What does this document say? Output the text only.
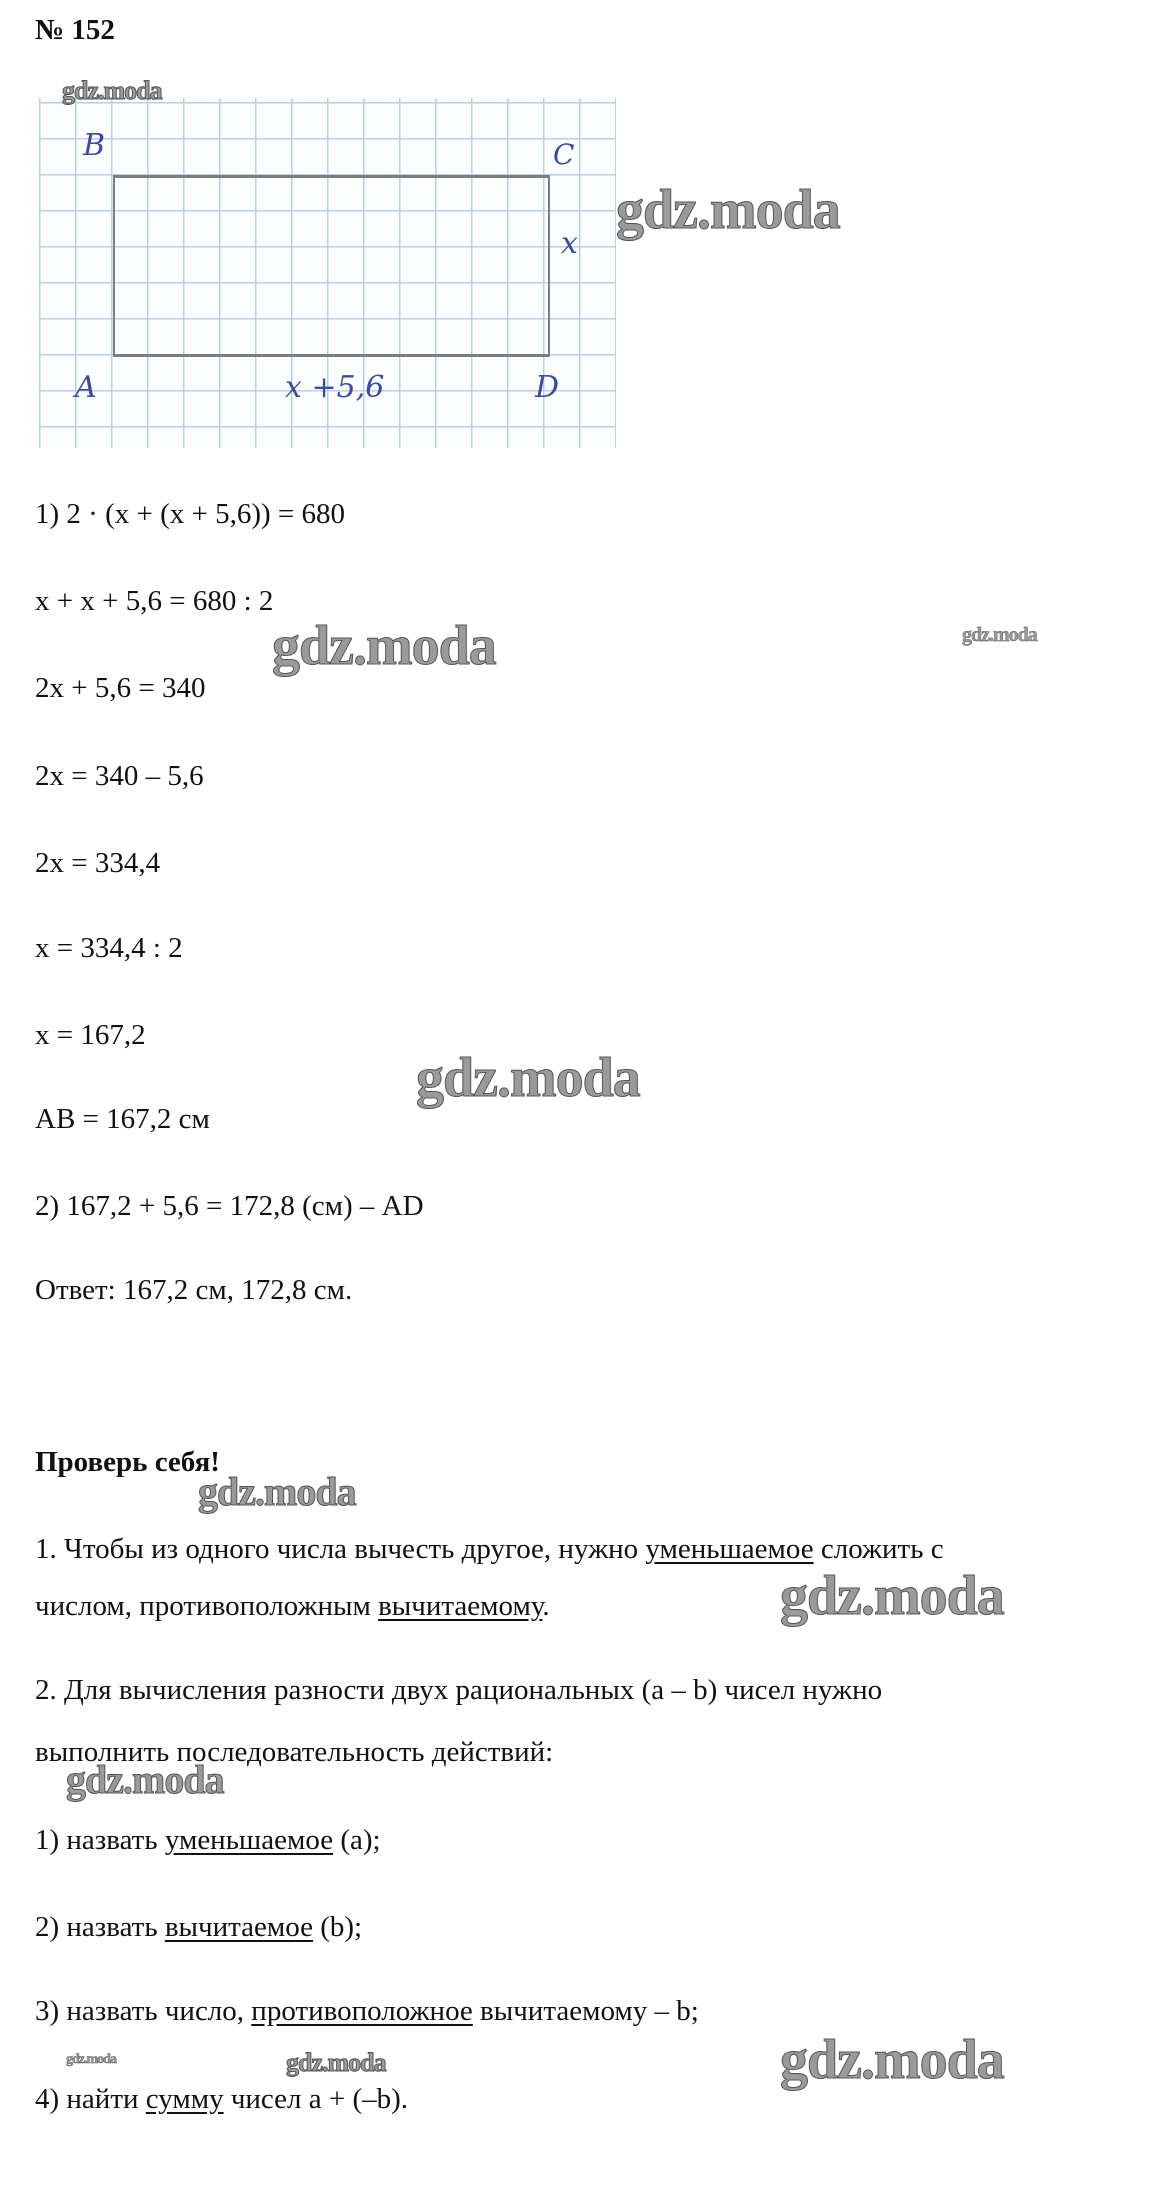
№ 152
B	C
x
A	x +5,6	D
1) 2 · (x + (x + 5,6)) = 680
x + x + 5,6 = 680 : 2
2x + 5,6 = 340
2x = 340 – 5,6
2x = 334,4
x = 334,4 : 2
x = 167,2
AB = 167,2 см
2) 167,2 + 5,6 = 172,8 (см) – AD
Ответ: 167,2 см, 172,8 см.
Проверь себя!
1. Чтобы из одного числа вычесть другое, нужно уменьшаемое сложить с
числом, противоположным вычитаемому.
2. Для вычисления разности двух рациональных (a – b) чисел нужно
выполнить последовательность действий:
1) назвать уменьшаемое (a);
2) назвать вычитаемое (b);
3) назвать число, противоположное вычитаемому – b;
4) найти сумму чисел a + (–b).
gdz.moda
gdz.moda
gdz.moda	gdz.moda
gdz.moda
gdz.moda
gdz.moda
gdz.moda
gdz.moda	gdz.moda	gdz.moda
